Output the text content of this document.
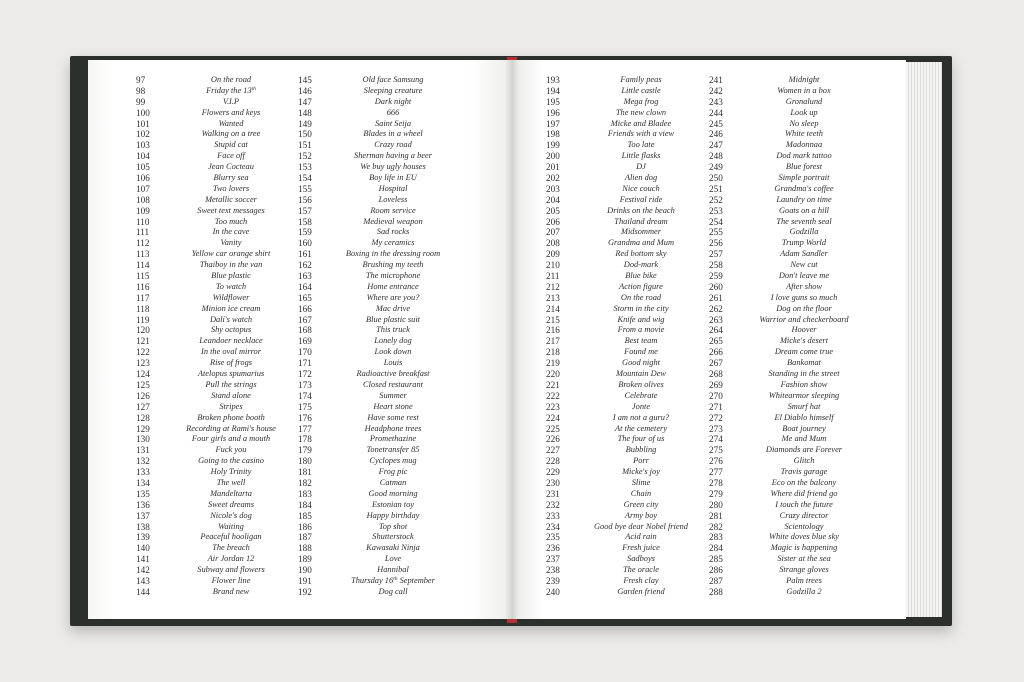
97	On the road
98	Friday the 13th
99	V.I.P
100	Flowers and keys
101	Wanted
102	Walking on a tree
103	Stupid cat
104	Face off
105	Jean Cocteau
106	Blurry sea
107	Two lovers
108	Metallic soccer
109	Sweet text messages
110	Too much
111	In the cave
112	Vanity
113	Yellow car orange shirt
114	Thaiboy in the van
115	Blue plastic
116	To watch
117	Wildflower
118	Minion ice cream
119	Dalí's watch
120	Shy octopus
121	Leandoer necklace
122	In the oval mirror
123	Rise of frogs
124	Atelopus spumarius
125	Pull the strings
126	Stand alone
127	Stripes
128	Broken phone booth
129	Recording at Rami's house
130	Four girls and a mouth
131	Fuck you
132	Going to the casino
133	Holy Trinity
134	The well
135	Mandeltarta
136	Sweet dreams
137	Nicole's dog
138	Waiting
139	Peaceful hooligan
140	The breach
141	Air Jordan 12
142	Subway and flowers
143	Flower line
144	Brand new
145	Old face Samsung
146	Sleeping creature
147	Dark night
148	666
149	Saint Seija
150	Blades in a wheel
151	Crazy road
152	Sherman having a beer
153	We buy ugly houses
154	Boy life in EU
155	Hospital
156	Loveless
157	Room service
158	Medieval weapon
159	Sad rocks
160	My ceramics
161	Boxing in the dressing room
162	Brushing my teeth
163	The microphone
164	Home entrance
165	Where are you?
166	Mac drive
167	Blue plastic suit
168	This truck
169	Lonely dog
170	Look down
171	Louis
172	Radioactive breakfast
173	Closed restaurant
174	Summer
175	Heart stone
176	Have some rest
177	Headphone trees
178	Promethazine
179	Tonetransfer 85
180	Cyclopes mug
181	Frog pic
182	Catman
183	Good morning
184	Estonian toy
185	Happy birthday
186	Top shot
187	Shutterstock
188	Kawasaki Ninja
189	Love
190	Hannibal
191	Thursday 16th September
192	Dog call
193	Family peas
194	Little castle
195	Mega frog
196	The new clown
197	Micke and Bladee
198	Friends with a view
199	Too late
200	Little flasks
201	DJ
202	Alien dog
203	Nice couch
204	Festival ride
205	Drinks on the beach
206	Thailand dream
207	Midsommer
208	Grandma and Mum
209	Red bottom sky
210	Dod-mark
211	Blue bike
212	Action figure
213	On the road
214	Storm in the city
215	Knife and wig
216	From a movie
217	Best team
218	Found me
219	Good night
220	Mountain Dew
221	Broken olives
222	Celebrate
223	Jonte
224	I am not a guru?
225	At the cemetery
226	The four of us
227	Bubbling
228	Porr
229	Micke's joy
230	Slime
231	Chain
232	Green city
233	Army boy
234	Good bye dear Nobel friend
235	Acid rain
236	Fresh juice
237	Sadboys
238	The oracle
239	Fresh clay
240	Garden friend
241	Midnight
242	Women in a box
243	Gronalund
244	Look up
245	No sleep
246	White teeth
247	Madonnaa
248	Dod mark tattoo
249	Blue forest
250	Simple portrait
251	Grandma's coffee
252	Laundry on time
253	Goats on a hill
254	The seventh seal
255	Godzilla
256	Trump World
257	Adam Sandler
258	New cut
259	Don't leave me
260	After show
261	I love guns so much
262	Dog on the floor
263	Warrior and checkerboard
264	Hoover
265	Micke's desert
266	Dream come true
267	Bankomat
268	Standing in the street
269	Fashion show
270	Whitearmor sleeping
271	Smurf hat
272	El Diablo himself
273	Boat journey
274	Me and Mum
275	Diamonds are Forever
276	Glitch
277	Travis garage
278	Eco on the balcony
279	Where did friend go
280	I touch the future
281	Crazy director
282	Scientology
283	White doves blue sky
284	Magic is happening
285	Sister at the sea
286	Strange gloves
287	Palm trees
288	Godzilla 2
